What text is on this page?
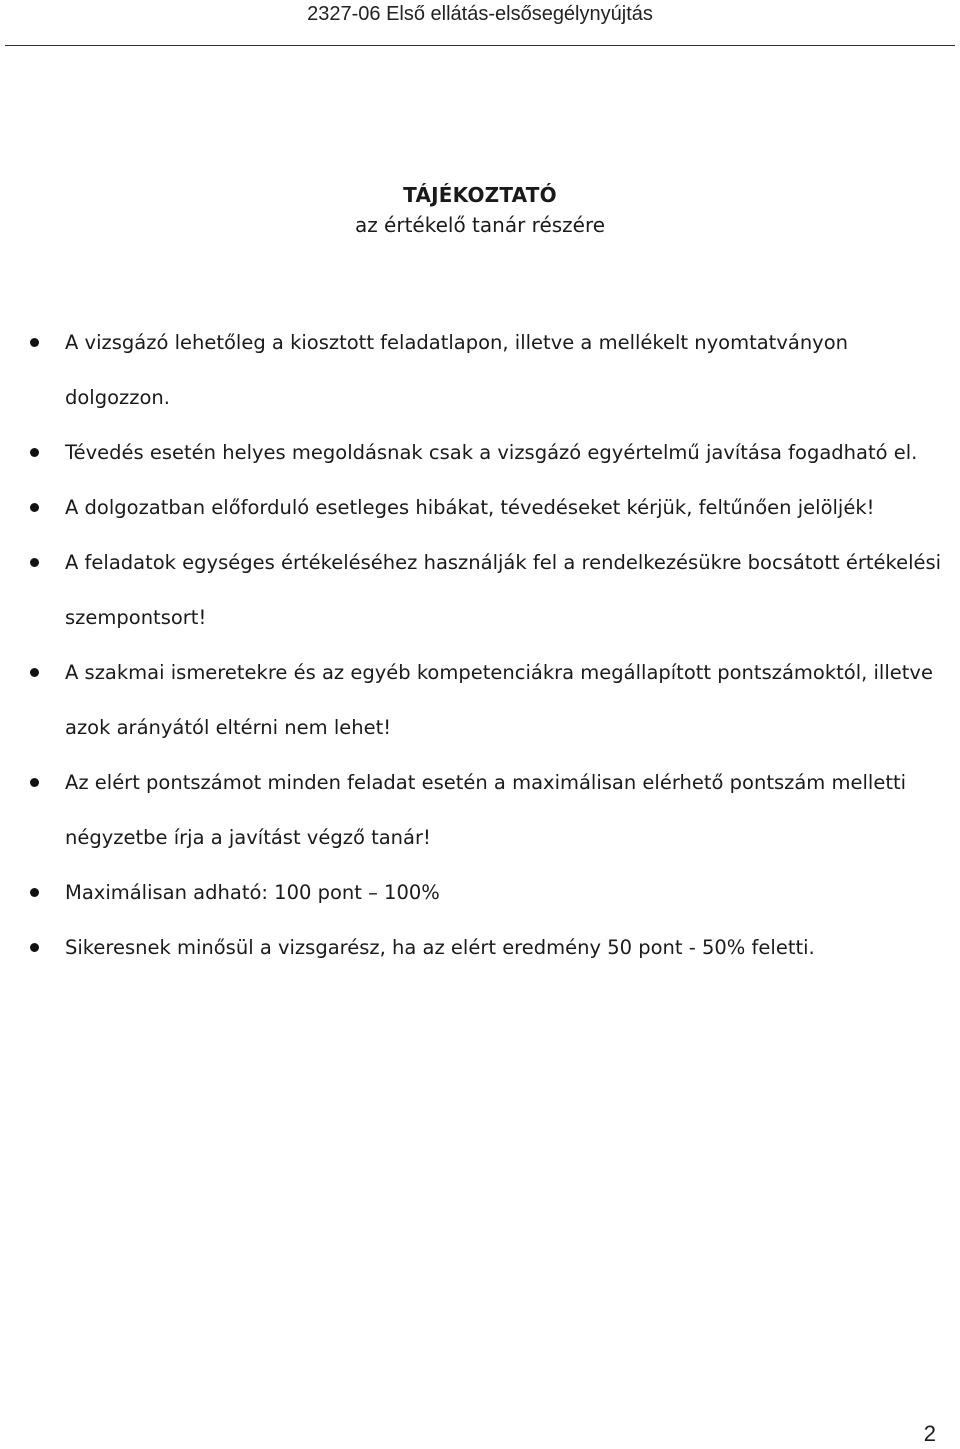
2327-06 Első ellátás-elsősegélynyújtás
TÁJÉKOZTATÓ
az értékelő tanár részére
A vizsgázó lehetőleg a kiosztott feladatlapon, illetve a mellékelt nyomtatványon dolgozzon.
Tévedés esetén helyes megoldásnak csak a vizsgázó egyértelmű javítása fogadható el.
A dolgozatban előforduló esetleges hibákat, tévedéseket kérjük, feltűnően jelöljék!
A feladatok egységes értékeléséhez használják fel a rendelkezésükre bocsátott értékelési szempontsort!
A szakmai ismeretekre és az egyéb kompetenciákra megállapított pontszámoktól, illetve azok arányától eltérni nem lehet!
Az elért pontszámot minden feladat esetén a maximálisan elérhető pontszám melletti négyzetbe írja a javítást végző tanár!
Maximálisan adható: 100 pont – 100%
Sikeresnek minősül a vizsgarész, ha az elért eredmény 50 pont - 50% feletti.
2
